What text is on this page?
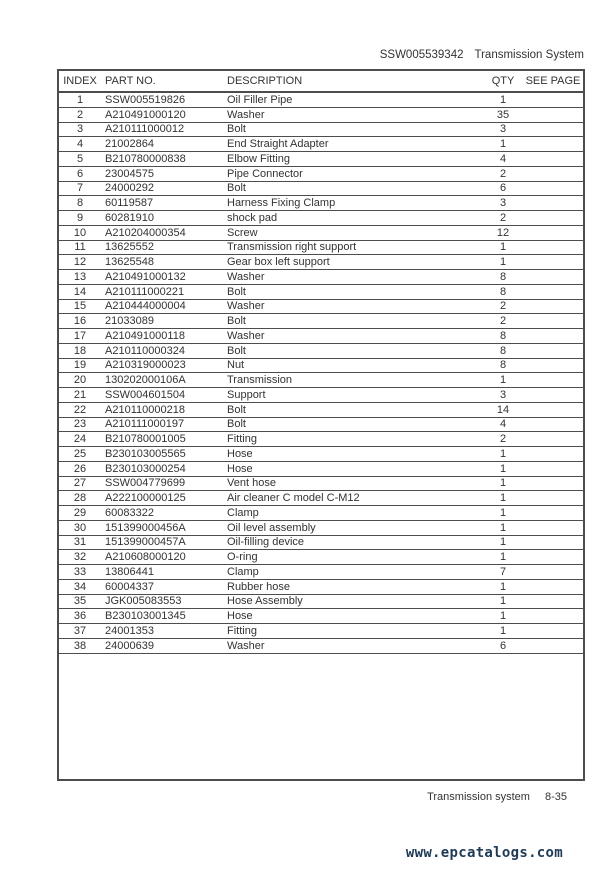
SSW005539342 Transmission System
INDEX PART NO.	DESCRIPTION	QTY	SEE PAGE
1	SSW005519826	Oil Filler Pipe	1
2	A210491000120	Washer	35
3	A210111000012	Bolt	3
4	21002864	End Straight Adapter	1
5	B210780000838	Elbow Fitting	4
6	23004575	Pipe Connector	2
7	24000292	Bolt	6
8	60119587	Harness Fixing Clamp	3
9	60281910	shock pad	2
10	A210204000354	Screw	12
11	13625552	Transmission right support	1
12	13625548	Gear box left support	1
13	A210491000132	Washer	8
14	A210111000221	Bolt	8
15	A210444000004	Washer	2
16	21033089	Bolt	2
17	A210491000118	Washer	8
18	A210110000324	Bolt	8
19	A210319000023	Nut	8
20	130202000106A	Transmission	1
21	SSW004601504	Support	3
22	A210110000218	Bolt	14
23	A210111000197	Bolt	4
24	B210780001005	Fitting	2
25	B230103005565	Hose	1
26	B230103000254	Hose	1
27	SSW004779699	Vent hose	1
28	A222100000125	Air cleaner C model C-M12	1
29	60083322	Clamp	1
30	151399000456A	Oil level assembly	1
31	151399000457A	Oil-filling device	1
32	A210608000120	O-ring	1
33	13806441	Clamp	7
34	60004337	Rubber hose	1
35	JGK005083553	Hose Assembly	1
36	B230103001345	Hose	1
37	24001353	Fitting	1
38	24000639	Washer	6
Transmission system 8-35
www.epcatalogs.com
